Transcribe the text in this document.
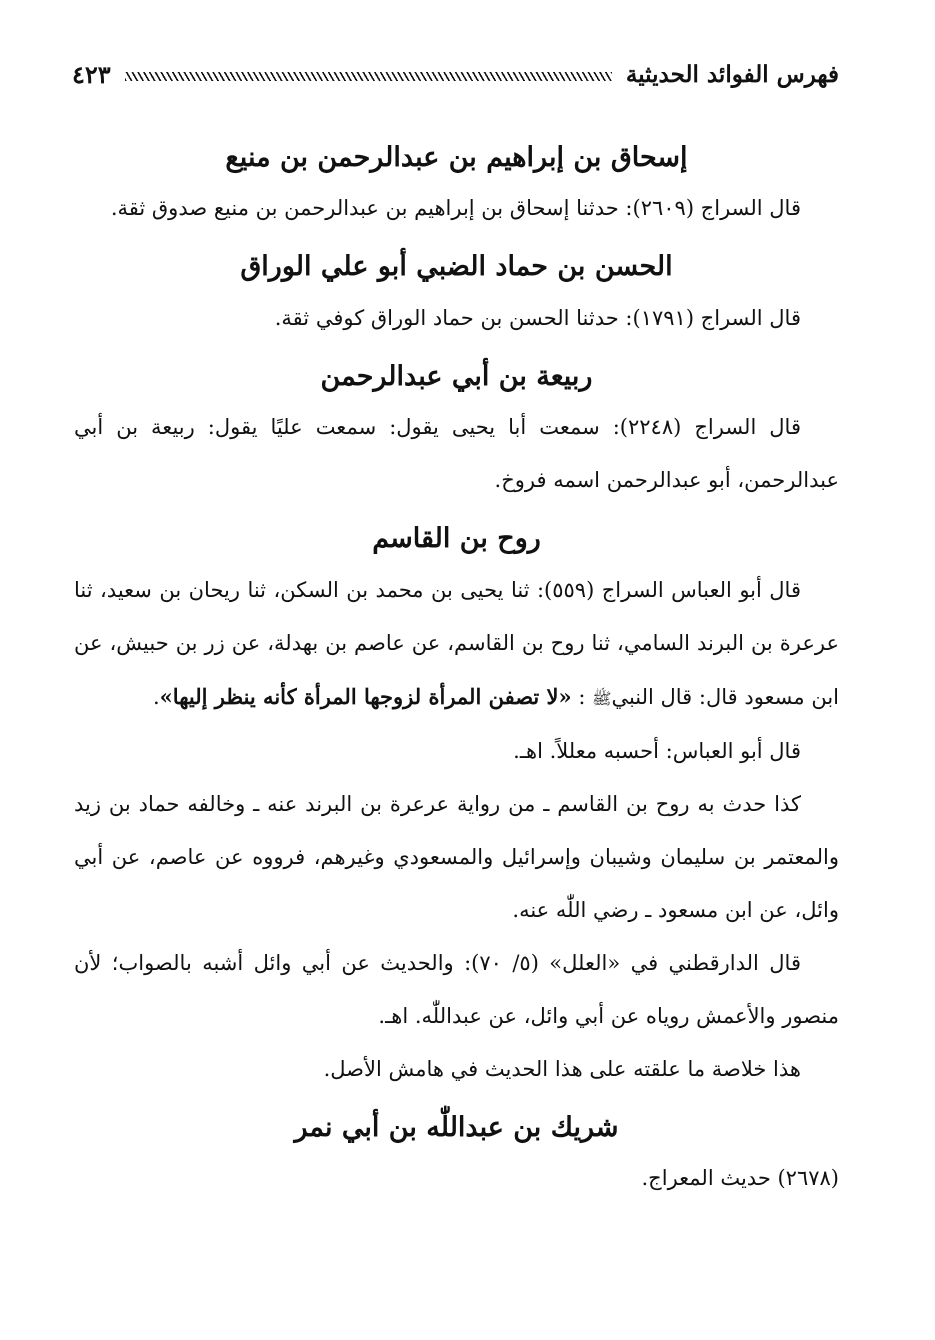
فهرس الفوائد الحديثية
٤٢٣
إسحاق بن إبراهيم بن عبدالرحمن بن منيع

قال السراج (٢٦٠٩): حدثنا إسحاق بن إبراهيم بن عبدالرحمن بن منيع صدوق ثقة.

الحسن بن حماد الضبي أبو علي الوراق

قال السراج (١٧٩١): حدثنا الحسن بن حماد الوراق كوفي ثقة.

ربيعة بن أبي عبدالرحمن

قال السراج (٢٢٤٨): سمعت أبا يحيى يقول: سمعت عليًا يقول: ربيعة بن أبي عبدالرحمن، أبو عبدالرحمن اسمه فروخ.

روح بن القاسم

قال أبو العباس السراج (٥٥٩): ثنا يحيى بن محمد بن السكن، ثنا ريحان بن سعيد، ثنا عرعرة بن البرند السامي، ثنا روح بن القاسم، عن عاصم بن بهدلة، عن زر بن حبيش، عن ابن مسعود قال: قال النبيﷺ : «لا تصفن المرأة لزوجها المرأة كأنه ينظر إليها».

قال أبو العباس: أحسبه معللاً. اهـ.

كذا حدث به روح بن القاسم ـ من رواية عرعرة بن البرند عنه ـ وخالفه حماد بن زيد والمعتمر بن سليمان وشيبان وإسرائيل والمسعودي وغيرهم، فرووه عن عاصم، عن أبي وائل، عن ابن مسعود ـ رضي اللّٰه عنه.

قال الدارقطني في «العلل» (٥/ ٧٠): والحديث عن أبي وائل أشبه بالصواب؛ لأن منصور والأعمش روياه عن أبي وائل، عن عبداللّٰه. اهـ.

هذا خلاصة ما علقته على هذا الحديث في هامش الأصل.

شريك بن عبداللّٰه بن أبي نمر

(٢٦٧٨) حديث المعراج.
